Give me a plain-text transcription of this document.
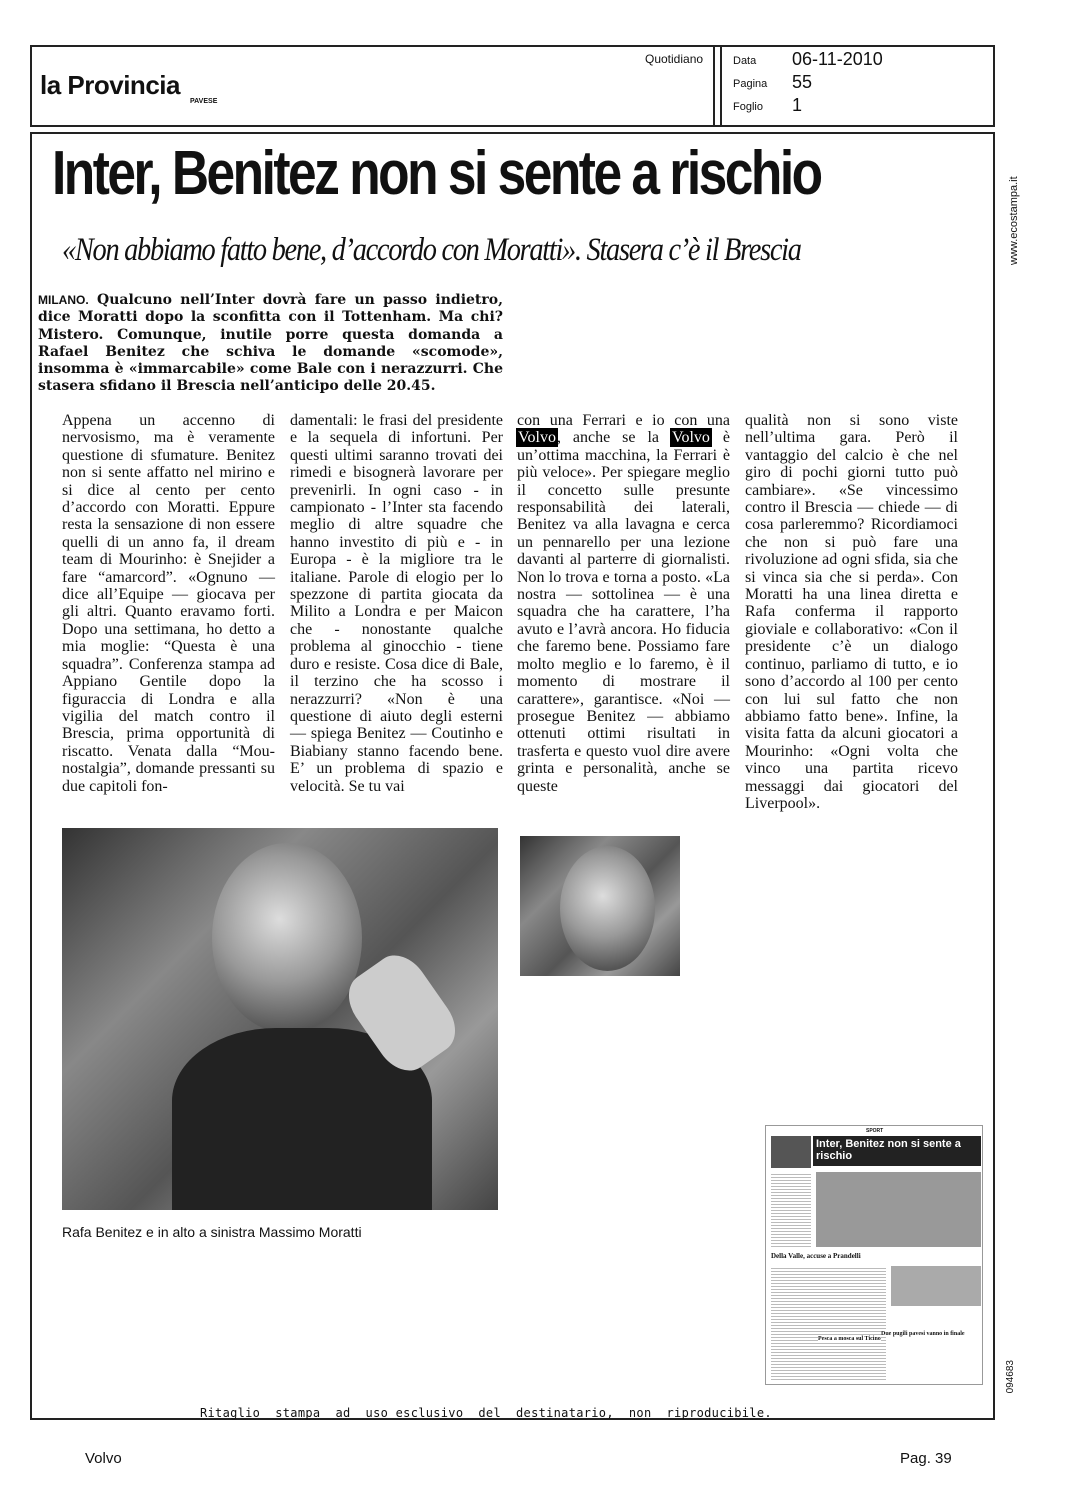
la Provincia
PAVESE
Quotidiano	Data 06-11-2010
Pagina 55
Foglio 1
Inter, Benitez non si sente a rischio
«Non abbiamo fatto bene, d’accordo con Moratti». Stasera c’è il Brescia	www.ecostampa.it
094683
MILANO. Qualcuno nell’Inter dovrà fare un passo indietro, dice Moratti dopo la sconfitta con il Tottenham. Ma chi? Mistero. Comunque, inutile porre questa domanda a Rafael Benitez che schiva le domande «scomode», insomma è «immarcabile» come Bale con i nerazzurri. Che stasera sfidano il Brescia nell’anticipo delle 20.45.
Appena un accenno di nervosismo, ma è veramente questione di sfumature. Benitez non si sente affatto nel mirino e si dice al cento per cento d’accordo con Moratti. Eppure resta la sensazione di non essere quelli di un anno fa, il dream team di Mourinho: è Snejider a fare “amarcord”. «Ognuno — dice all’Equipe — giocava per gli altri. Quanto eravamo forti. Dopo una settimana, ho detto a mia moglie: “Questa è una squadra”. Conferenza stampa ad Appiano Gentile dopo la figuraccia di Londra e alla vigilia del match contro il Brescia, prima opportunità di riscatto. Venata dalla “Mou-nostalgia”, domande pressanti su due capitoli fon-
damentali: le frasi del presidente e la sequela di infortuni. Per questi ultimi saranno trovati dei rimedi e bisognerà lavorare per prevenirli. In ogni caso - in campionato - l’Inter sta facendo meglio di altre squadre che hanno investito di più e - in Europa - è la migliore tra le italiane. Parole di elogio per lo spezzone di partita giocata da Milito a Londra e per Maicon che - nonostante qualche problema al ginocchio - tiene duro e resiste. Cosa dice di Bale, il terzino che ha scosso i nerazzurri? «Non è una questione di aiuto degli esterni — spiega Benitez — Coutinho e Biabiany stanno facendo bene. E’ un problema di spazio e velocità. Se tu vai
con una Ferrari e io con una Volvo, anche se la Volvo è un’ottima macchina, la Ferrari è più veloce». Per spiegare meglio il concetto sulle presunte responsabilità dei laterali, Benitez va alla lavagna e cerca un pennarello per una lezione davanti al parterre di giornalisti. Non lo trova e torna a posto. «La nostra — sottolinea — è una squadra che ha carattere, l’ha avuto e l’avrà ancora. Ho fiducia che faremo bene. Possiamo fare molto meglio e lo faremo, è il momento di mostrare il carattere», garantisce. «Noi — prosegue Benitez — abbiamo ottenuti ottimi risultati in trasferta e questo vuol dire avere grinta e personalità, anche se queste
qualità non si sono viste nell’ultima gara. Però il vantaggio del calcio è che nel giro di pochi giorni tutto può cambiare». «Se vincessimo contro il Brescia — chiede — di cosa parleremmo? Ricordiamoci che non si può fare una rivoluzione ad ogni sfida, sia che si vinca sia che si perda». Con Moratti ha una linea diretta e Rafa conferma il rapporto gioviale e collaborativo: «Con il presidente c’è un dialogo continuo, parliamo di tutto, e io sono d’accordo al 100 per cento con lui sul fatto che non abbiamo fatto bene». Infine, la visita fatta da alcuni giocatori a Mourinho: «Ogni volta che vinco una partita ricevo messaggi dai giocatori del Liverpool».
Rafa Benitez e in alto a sinistra Massimo Moratti
SPORT
Inter, Benitez non si sente a rischio
Della Valle, accuse a Prandelli
Pesca a mosca sul Ticino
Due pugili pavesi vanno in finale
Ritaglio  stampa  ad  uso esclusivo  del  destinatario,  non  riproducibile.
Volvo	Pag. 39
